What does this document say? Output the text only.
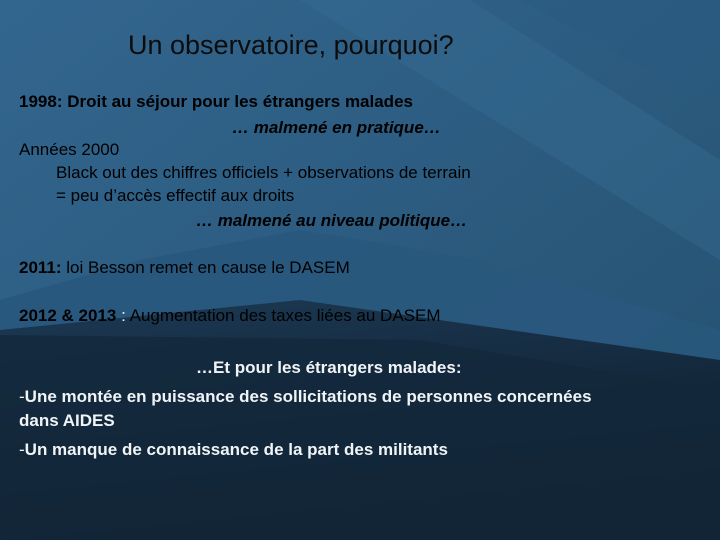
Un observatoire, pourquoi?
1998: Droit au séjour pour les étrangers malades
… malmené en pratique…
Années 2000
Black out des chiffres officiels + observations de terrain
= peu d’accès effectif aux droits
… malmené au niveau politique…
2011: loi Besson remet en cause le DASEM
2012 & 2013 : Augmentation des taxes liées au DASEM
…Et pour les étrangers malades:
-Une montée en puissance des sollicitations de personnes concernées
dans AIDES
-Un manque de connaissance de la part des militants
